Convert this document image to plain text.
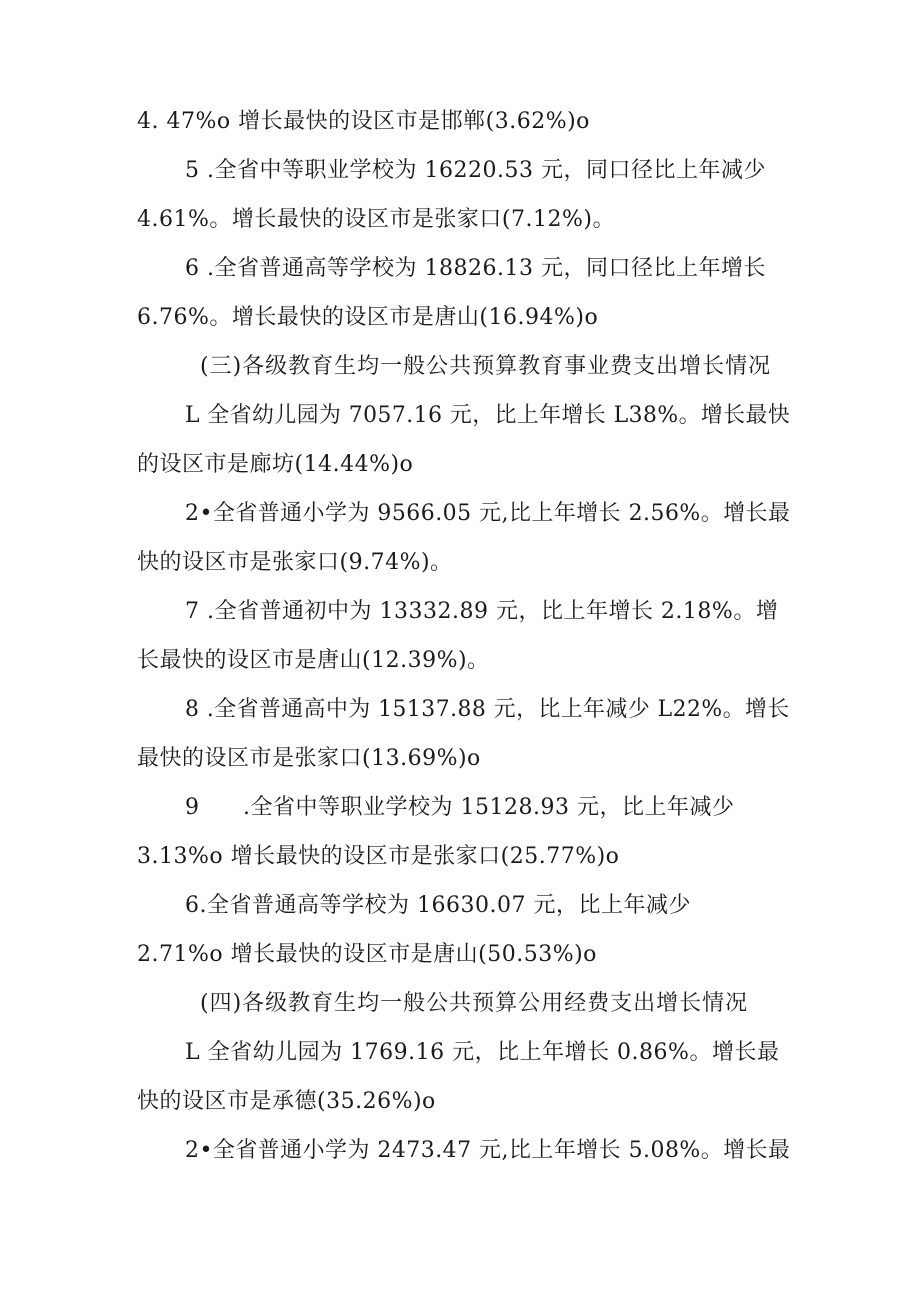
4. 47%o 增长最快的设区市是邯郸(3.62%)o
5 .全省中等职业学校为 16220.53 元，同口径比上年减少
4.61%。增长最快的设区市是张家口(7.12%)。
6 .全省普通高等学校为 18826.13 元，同口径比上年增长
6.76%。增长最快的设区市是唐山(16.94%)o
(三)各级教育生均一般公共预算教育事业费支出增长情况
L 全省幼儿园为 7057.16 元，比上年增长 L38%。增长最快
的设区市是廊坊(14.44%)o
2•全省普通小学为 9566.05 元,比上年增长 2.56%。增长最
快的设区市是张家口(9.74%)。
7 .全省普通初中为 13332.89 元，比上年增长 2.18%。增
长最快的设区市是唐山(12.39%)。
8 .全省普通高中为 15137.88 元，比上年减少 L22%。增长
最快的设区市是张家口(13.69%)o
9 .全省中等职业学校为 15128.93 元，比上年减少
3.13%o 增长最快的设区市是张家口(25.77%)o
6.全省普通高等学校为 16630.07 元，比上年减少
2.71%o 增长最快的设区市是唐山(50.53%)o
(四)各级教育生均一般公共预算公用经费支出增长情况
L 全省幼儿园为 1769.16 元，比上年增长 0.86%。增长最
快的设区市是承德(35.26%)o
2•全省普通小学为 2473.47 元,比上年增长 5.08%。增长最
